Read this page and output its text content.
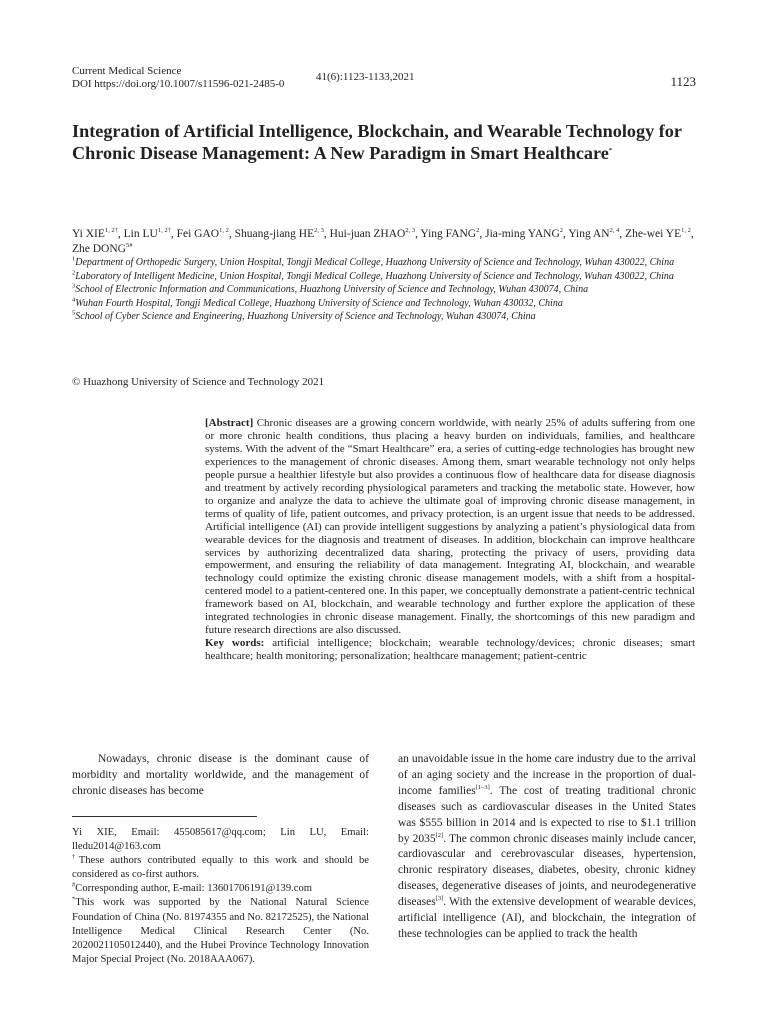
Current Medical Science
DOI https://doi.org/10.1007/s11596-021-2485-0
41(6):1123-1133,2021	1123
Integration of Artificial Intelligence, Blockchain, and Wearable Technology for Chronic Disease Management: A New Paradigm in Smart Healthcare*
Yi $XIE^{1, 2\dagger}$, Lin $LU^{1, 2\dagger}$, Fei GAO$^{1, 2}$, Shuang-jiang HE$^{2, 3}$, Hui-juan ZHAO$^{2, 3}$, Ying FANG$^2$, Jia-ming YANG$^2$, Ying AN$^{2, 4}$, Zhe-wei YE$^{1, 2}$, Zhe $DONG^{5\#}$

$^1$Department of Orthopedic Surgery, Union Hospital, Tongji Medical College, Huazhong University of Science and Technology, Wuhan 430022, China

$^2$Laboratory of Intelligent Medicine, Union Hospital, Tongji Medical College, Huazhong University of Science and Technology, Wuhan 430022, China

$^3$School of Electronic Information and Communications, Huazhong University of Science and Technology, Wuhan 430074, China

$^4$Wuhan Fourth Hospital, Tongji Medical College, Huazhong University of Science and Technology, Wuhan 430032, China

$^5$School of Cyber Science and Engineering, Huazhong University of Science and Technology, Wuhan 430074, China

© Huazhong University of Science and Technology 2021

[Abstract] Chronic diseases are a growing concern worldwide, with nearly 25% of adults suffering from one or more chronic health conditions, thus placing a heavy burden on individuals, families, and healthcare systems. With the advent of the “Smart Healthcare” era, a series of cutting-edge technologies has brought new experiences to the management of chronic diseases. Among them, smart wearable technology not only helps people pursue a healthier lifestyle but also provides a continuous flow of healthcare data for disease diagnosis and treatment by actively recording physiological parameters and tracking the metabolic state. However, how to organize and analyze the data to achieve the ultimate goal of improving chronic disease management, in terms of quality of life, patient outcomes, and privacy protection, is an urgent issue that needs to be addressed. Artificial intelligence (AI) can provide intelligent suggestions by analyzing a patient’s physiological data from wearable devices for the diagnosis and treatment of diseases. In addition, blockchain can improve healthcare services by authorizing decentralized data sharing, protecting the privacy of users, providing data empowerment, and ensuring the reliability of data management. Integrating AI, blockchain, and wearable technology could optimize the existing chronic disease management models, with a shift from a hospital-centered model to a patient-centered one. In this paper, we conceptually demonstrate a patient-centric technical framework based on AI, blockchain, and wearable technology and further explore the application of these integrated technologies in chronic disease management. Finally, the shortcomings of this new paradigm and future research directions are also discussed.

Key words: artificial intelligence; blockchain; wearable technology/devices; chronic diseases; smart healthcare; health monitoring; personalization; healthcare management; patient-centric

Nowadays, chronic disease is the dominant cause of morbidity and mortality worldwide, and the management of chronic diseases has become

Yi XIE, Email: 455085617@qq.com; Lin LU, Email: lledu2014@163.com

†These authors contributed equally to this work and should be considered as co-first authors.

#Corresponding author, E-mail: 13601706191@139.com

*This work was supported by the National Natural Science Foundation of China (No. 81974355 and No. 82172525), the National Intelligence Medical Clinical Research Center (No. 2020021105012440), and the Hubei Province Technology Innovation Major Special Project (No. 2018AAA067).

an unavoidable issue in the home care industry due to the arrival of an aging society and the increase in the proportion of dual-income families[1–3]. The cost of treating traditional chronic diseases such as cardiovascular diseases in the United States was $555 billion in 2014 and is expected to rise to $1.1 trillion by 2035[2]. The common chronic diseases mainly include cancer, cardiovascular and cerebrovascular diseases, hypertension, chronic respiratory diseases, diabetes, obesity, chronic kidney diseases, degenerative diseases of joints, and neurodegenerative diseases[3]. With the extensive development of wearable devices, artificial intelligence (AI), and blockchain, the integration of these technologies can be applied to track the health
